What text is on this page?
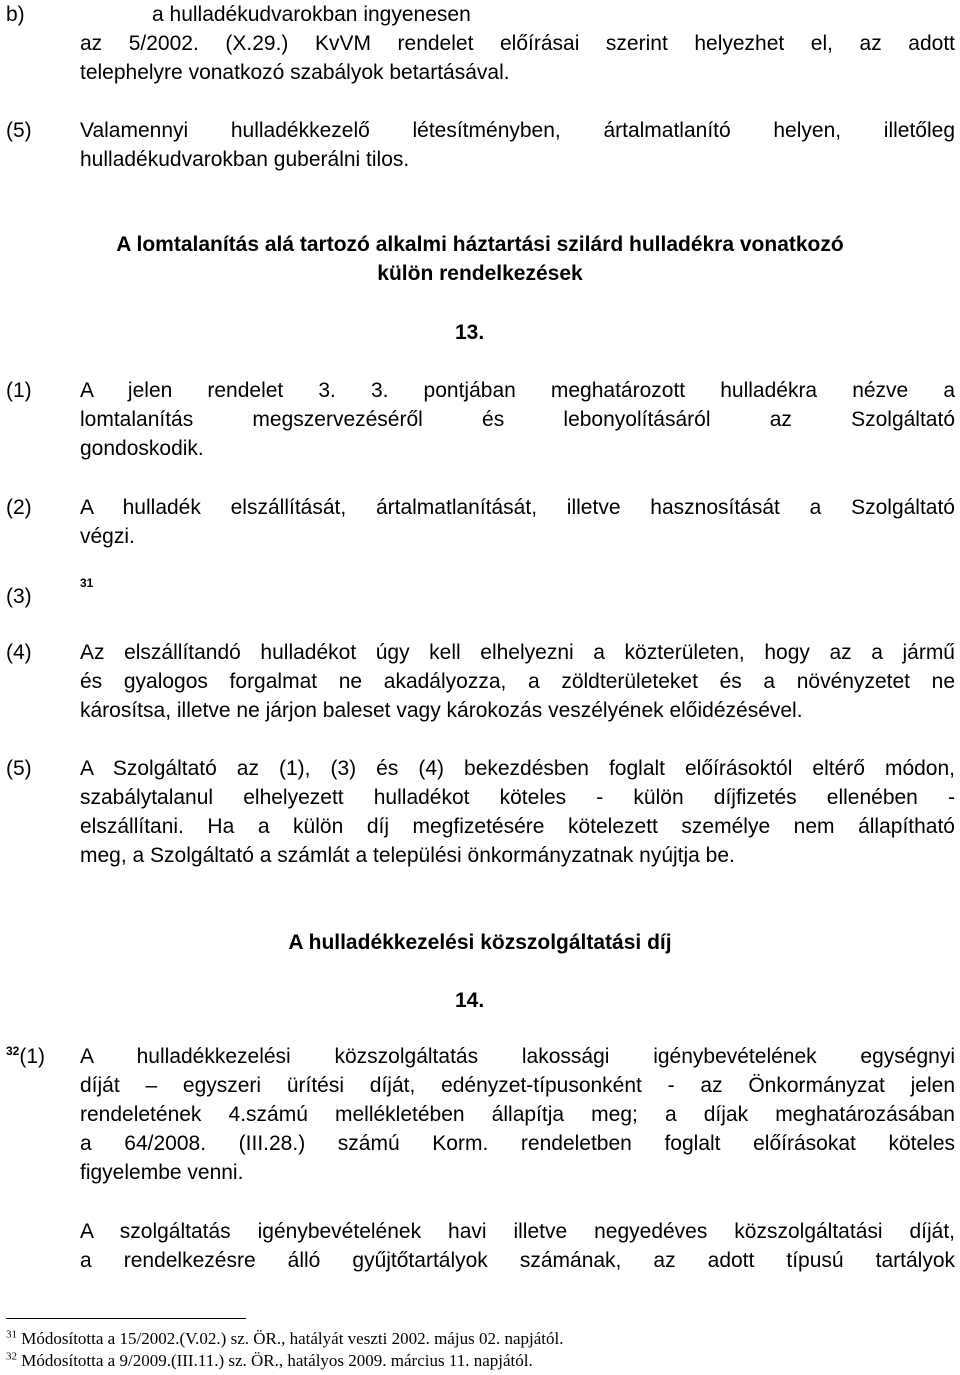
b)	a hulladékudvarokban ingyenesen
az 5/2002. (X.29.) KvVM rendelet előírásai szerint helyezhet el, az adott
telephelyre vonatkozó szabályok betartásával.
(5) Valamennyi hulladékkezelő létesítményben, ártalmatlanító helyen, illetőleg
hulladékudvarokban guberálni tilos.
A lomtalanítás alá tartozó alkalmi háztartási szilárd hulladékra vonatkozó
külön rendelkezések
13.
(1) A jelen rendelet 3. 3. pontjában meghatározott hulladékra nézve a
lomtalanítás megszervezéséről és lebonyolításáról az Szolgáltató
gondoskodik.
(2) A hulladék elszállítását, ártalmatlanítását, illetve hasznosítását a Szolgáltató
végzi.
(3)
$^{31}$
(4) Az elszállítandó hulladékot úgy kell elhelyezni a közterületen, hogy az a jármű
és gyalogos forgalmat ne akadályozza, a zöldterületeket és a növényzetet ne
károsítsa, illetve ne járjon baleset vagy károkozás veszélyének előidézésével.
(5) A Szolgáltató az (1), (3) és (4) bekezdésben foglalt előírásoktól eltérő módon,
szabálytalanul elhelyezett hulladékot köteles - külön díjfizetés ellenében -
elszállítani. Ha a külön díj megfizetésére kötelezett személye nem állapítható
meg, a Szolgáltató a számlát a települési önkormányzatnak nyújtja be.
A hulladékkezelési közszolgáltatási díj
14.
$^{32}$(1) A hulladékkezelési közszolgáltatás lakossági igénybevételének egységnyi
díját – egyszeri ürítési díját, edényzet-típusonként - az Önkormányzat jelen
rendeletének 4.számú mellékletében állapítja meg; a díjak meghatározásában
a 64/2008. (III.28.) számú Korm. rendeletben foglalt előírásokat köteles
figyelembe venni.
A szolgáltatás igénybevételének havi illetve negyedéves közszolgáltatási díját,
a rendelkezésre álló gyűjtőtartályok számának, az adott típusú tartályok
$^{31}$ Módosította a 15/2002.(V.02.) sz. ÖR., hatályát veszti 2002. május 02. napjától.
$^{32}$ Módosította a 9/2009.(III.11.) sz. ÖR., hatályos 2009. március 11. napjától.
